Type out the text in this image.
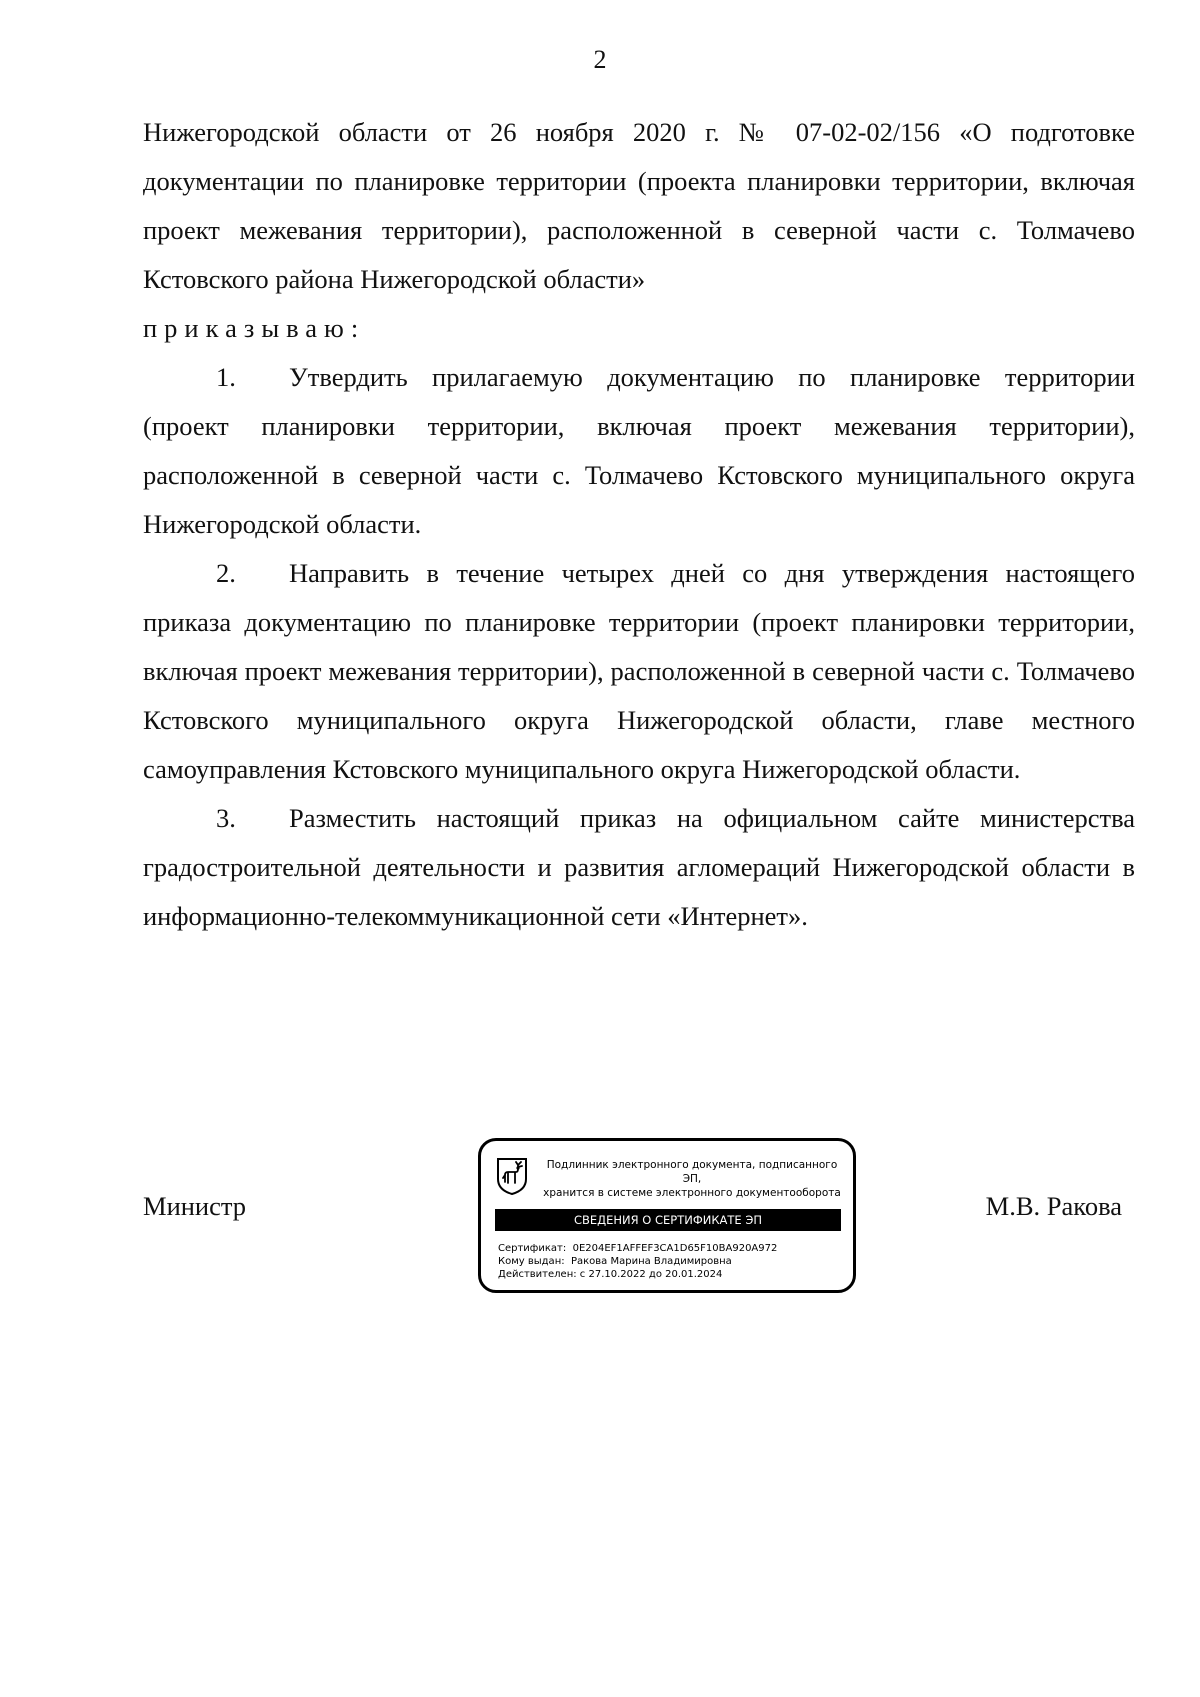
2

Нижегородской области от 26 ноября 2020 г. № 07-02-02/156 «О подготовке документации по планировке территории (проекта планировки территории, включая проект межевания территории), расположенной в северной части с. Толмачево Кстовского района Нижегородской области»

приказываю:

1. Утвердить прилагаемую документацию по планировке территории (проект планировки территории, включая проект межевания территории), расположенной в северной части с. Толмачево Кстовского муниципального округа Нижегородской области.

2. Направить в течение четырех дней со дня утверждения настоящего приказа документацию по планировке территории (проект планировки территории, включая проект межевания территории), расположенной в северной части с. Толмачево Кстовского муниципального округа Нижегородской области, главе местного самоуправления Кстовского муниципального округа Нижегородской области.

3. Разместить настоящий приказ на официальном сайте министерства градостроительной деятельности и развития агломераций Нижегородской области в информационно-телекоммуникационной сети «Интернет».

Министр	М.В. Ракова
Подлинник электронного документа, подписанного ЭП,
хранится в системе электронного документооборота
СВЕДЕНИЯ О СЕРТИФИКАТЕ ЭП
Сертификат: 0E204EF1AFFEF3CA1D65F10BA920A972
Кому выдан: Ракова Марина Владимировна
Действителен: с 27.10.2022 до 20.01.2024
